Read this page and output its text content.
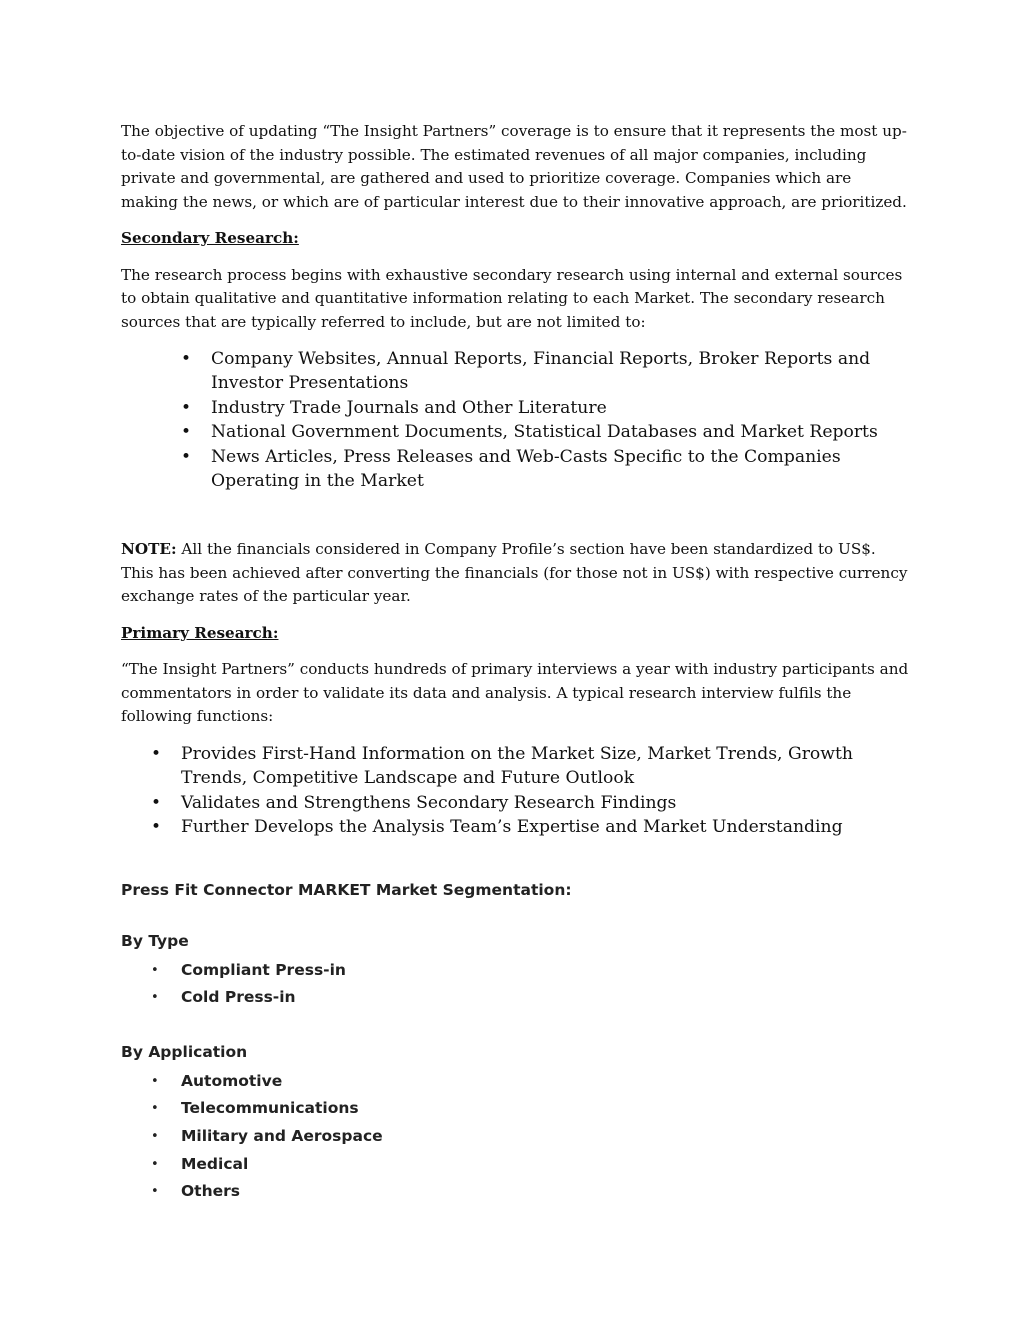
The objective of updating “The Insight Partners” coverage is to ensure that it represents the most up-to-date vision of the industry possible. The estimated revenues of all major companies, including private and governmental, are gathered and used to prioritize coverage. Companies which are making the news, or which are of particular interest due to their innovative approach, are prioritized.

Secondary Research:

The research process begins with exhaustive secondary research using internal and external sources to obtain qualitative and quantitative information relating to each Market. The secondary research sources that are typically referred to include, but are not limited to:

• Company Websites, Annual Reports, Financial Reports, Broker Reports and Investor Presentations
• Industry Trade Journals and Other Literature
• National Government Documents, Statistical Databases and Market Reports
• News Articles, Press Releases and Web-Casts Specific to the Companies Operating in the Market

NOTE: All the financials considered in Company Profile’s section have been standardized to US$. This has been achieved after converting the financials (for those not in US$) with respective currency exchange rates of the particular year.

Primary Research:

“The Insight Partners” conducts hundreds of primary interviews a year with industry participants and commentators in order to validate its data and analysis. A typical research interview fulfils the following functions:

• Provides First-Hand Information on the Market Size, Market Trends, Growth Trends, Competitive Landscape and Future Outlook
• Validates and Strengthens Secondary Research Findings
• Further Develops the Analysis Team’s Expertise and Market Understanding
Press Fit Connector MARKET Market Segmentation:
By Type
• Compliant Press-in
• Cold Press-in
By Application
• Automotive
• Telecommunications
• Military and Aerospace
• Medical
• Others
